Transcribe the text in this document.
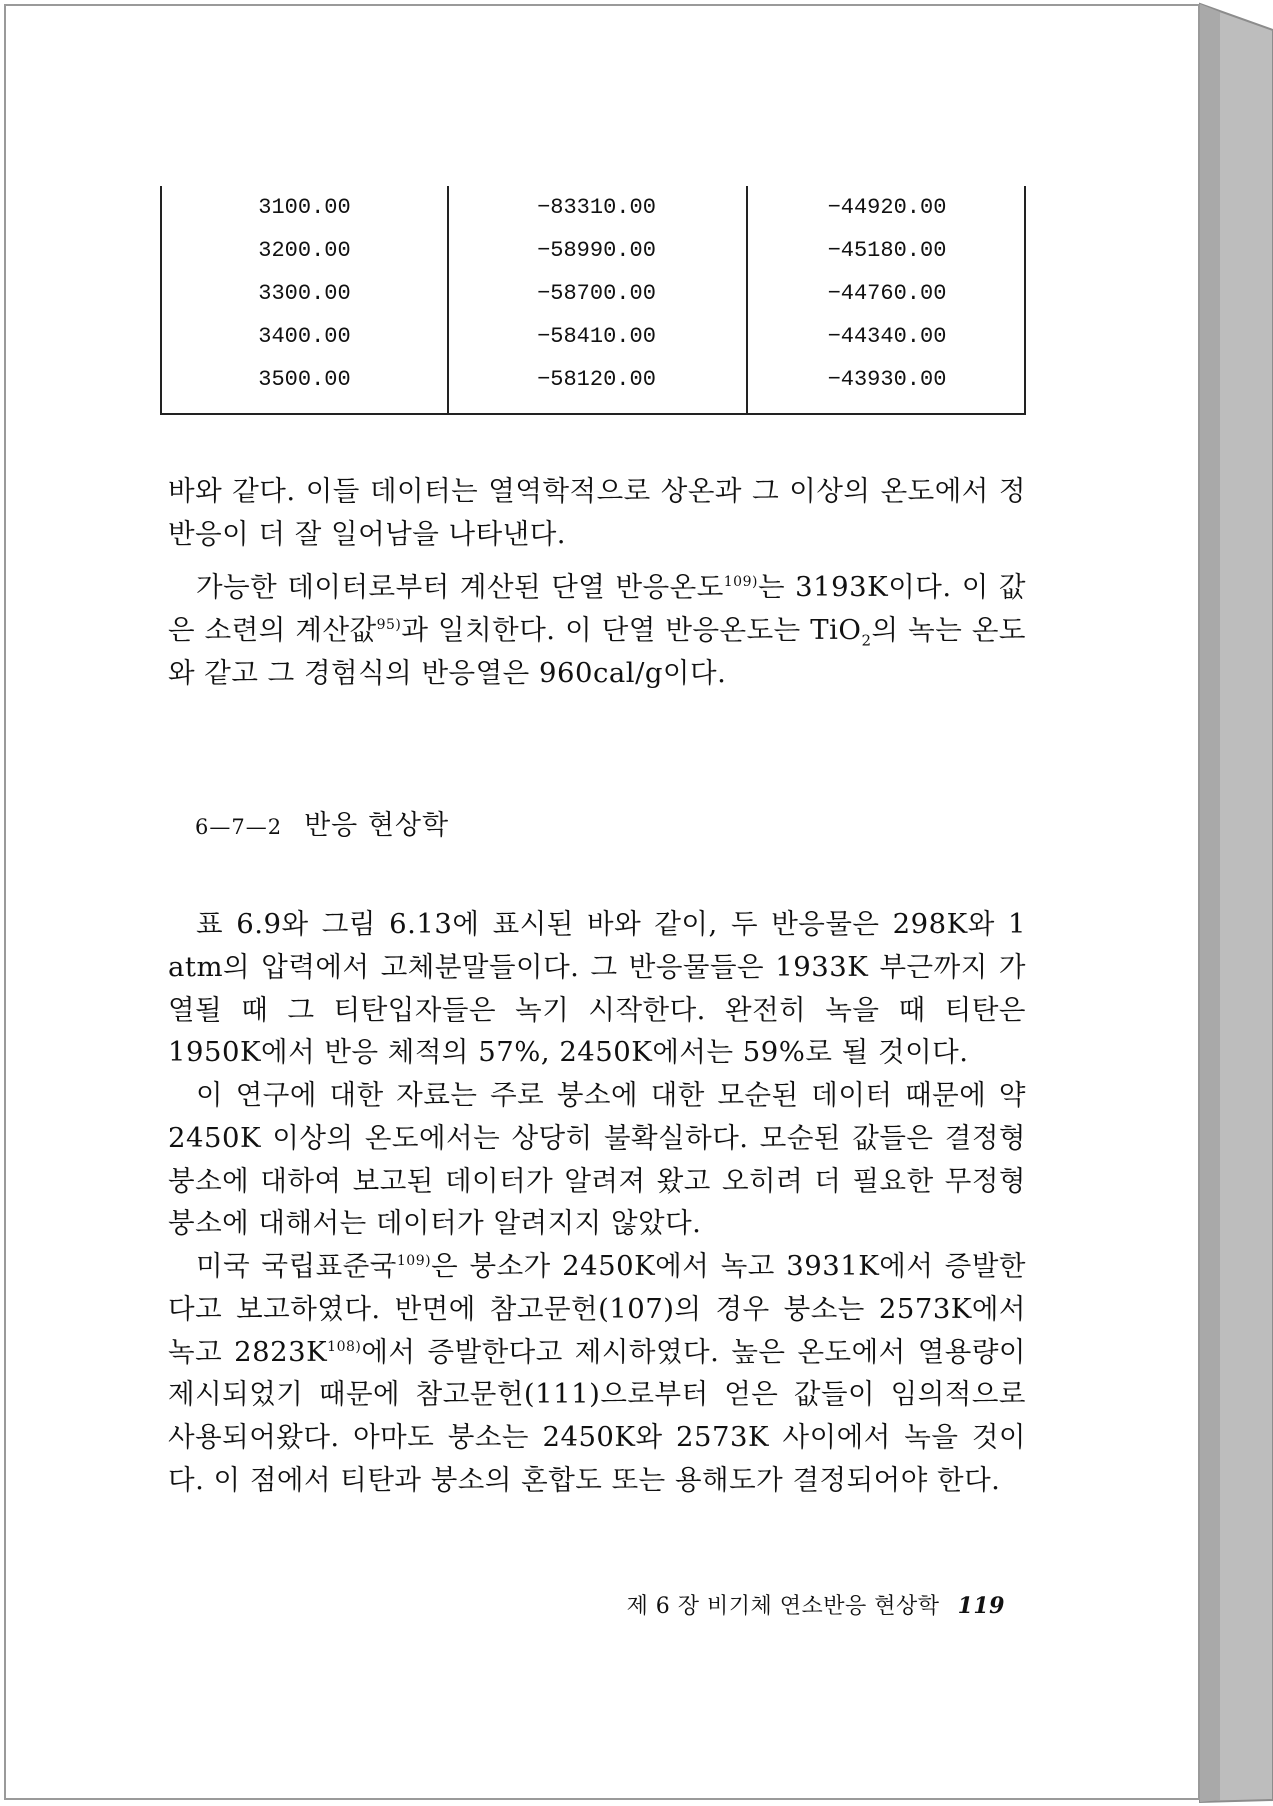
3100.00	−83310.00	−44920.00
3200.00	−58990.00	−45180.00
3300.00	−58700.00	−44760.00
3400.00	−58410.00	−44340.00
3500.00	−58120.00	−43930.00

바와 같다. 이들 데이터는 열역학적으로 상온과 그 이상의 온도에서 정반응이 더 잘 일어남을 나타낸다.

가능한 데이터로부터 계산된 단열 반응온도$^{109)}$는 3193K이다. 이 값은 소련의 계산값$^{95)}$과 일치한다. 이 단열 반응온도는 TiO$_2$의 녹는 온도와 같고 그 경험식의 반응열은 960cal/g이다.

6—7—2 반응 현상학

표 6.9와 그림 6.13에 표시된 바와 같이, 두 반응물은 298K와 1 atm의 압력에서 고체분말들이다. 그 반응물들은 1933K 부근까지 가열될 때 그 티탄입자들은 녹기 시작한다. 완전히 녹을 때 티탄은 1950K에서 반응 체적의 57%, 2450K에서는 59%로 될 것이다.

이 연구에 대한 자료는 주로 붕소에 대한 모순된 데이터 때문에 약 2450K 이상의 온도에서는 상당히 불확실하다. 모순된 값들은 결정형 붕소에 대하여 보고된 데이터가 알려져 왔고 오히려 더 필요한 무정형 붕소에 대해서는 데이터가 알려지지 않았다.

미국 국립표준국$^{109)}$은 붕소가 2450K에서 녹고 3931K에서 증발한다고 보고하였다. 반면에 참고문헌(107)의 경우 붕소는 2573K에서 녹고 $2823K^{108)}$에서 증발한다고 제시하였다. 높은 온도에서 열용량이 제시되었기 때문에 참고문헌(111)으로부터 얻은 값들이 임의적으로 사용되어왔다. 아마도 붕소는 2450K와 2573K 사이에서 녹을 것이다. 이 점에서 티탄과 붕소의 혼합도 또는 용해도가 결정되어야 한다.

제 6 장 비기체 연소반응 현상학 119
